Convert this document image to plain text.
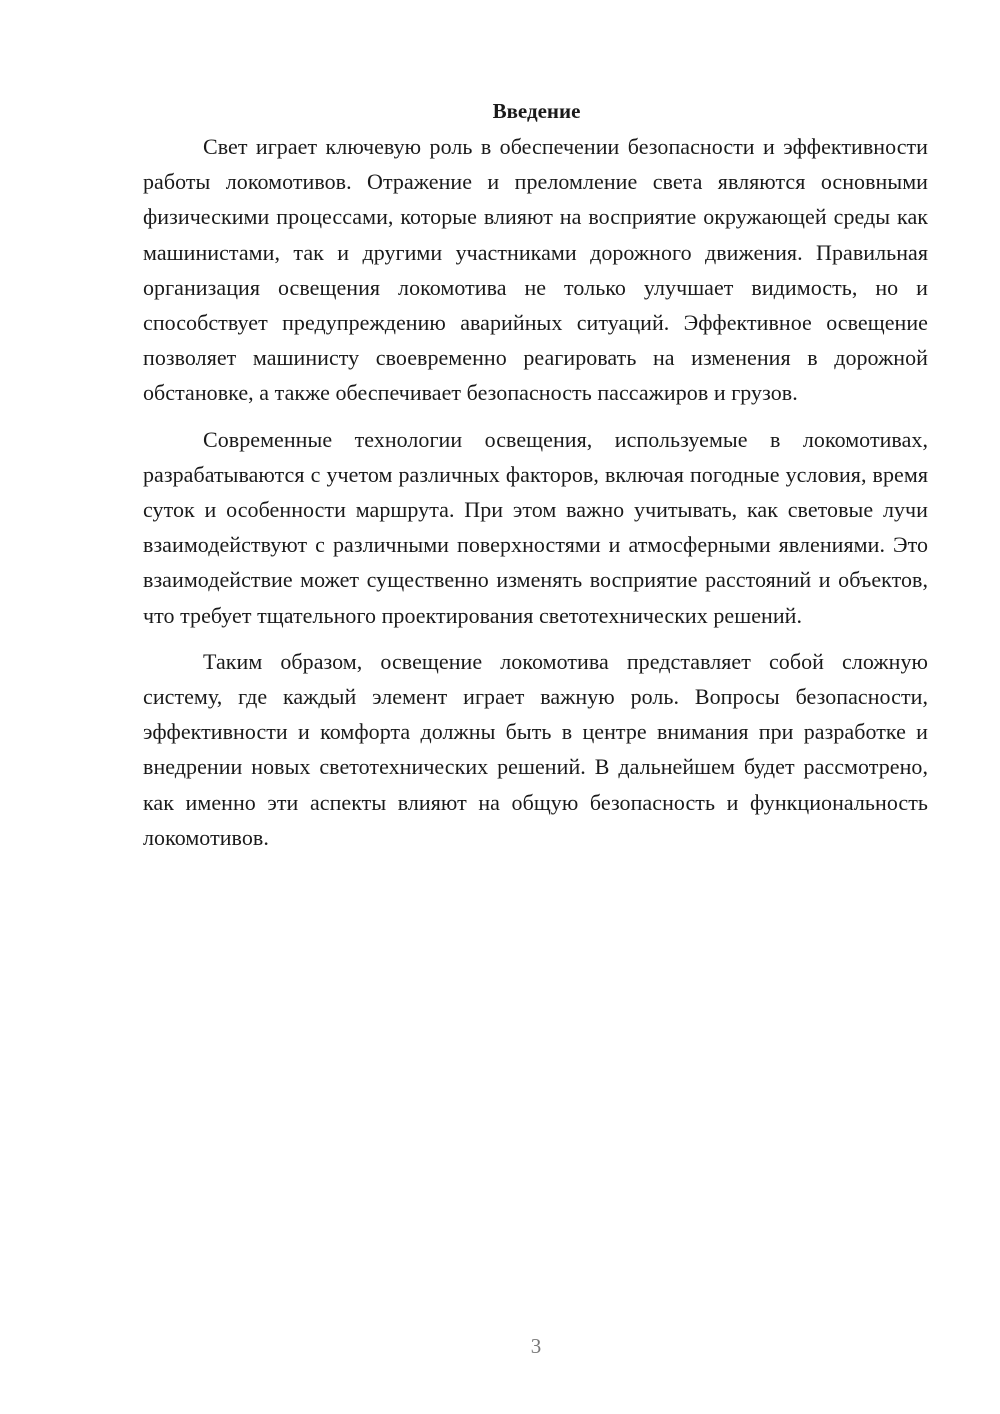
Введение

Свет играет ключевую роль в обеспечении безопасности и эффективности работы локомотивов. Отражение и преломление света являются основными физическими процессами, которые влияют на восприятие окружающей среды как машинистами, так и другими участниками дорожного движения. Правильная организация освещения локомотива не только улучшает видимость, но и способствует предупреждению аварийных ситуаций. Эффективное освещение позволяет машинисту своевременно реагировать на изменения в дорожной обстановке, а также обеспечивает безопасность пассажиров и грузов.

Современные технологии освещения, используемые в локомотивах, разрабатываются с учетом различных факторов, включая погодные условия, время суток и особенности маршрута. При этом важно учитывать, как световые лучи взаимодействуют с различными поверхностями и атмосферными явлениями. Это взаимодействие может существенно изменять восприятие расстояний и объектов, что требует тщательного проектирования светотехнических решений.

Таким образом, освещение локомотива представляет собой сложную систему, где каждый элемент играет важную роль. Вопросы безопасности, эффективности и комфорта должны быть в центре внимания при разработке и внедрении новых светотехнических решений. В дальнейшем будет рассмотрено, как именно эти аспекты влияют на общую безопасность и функциональность локомотивов.

3
